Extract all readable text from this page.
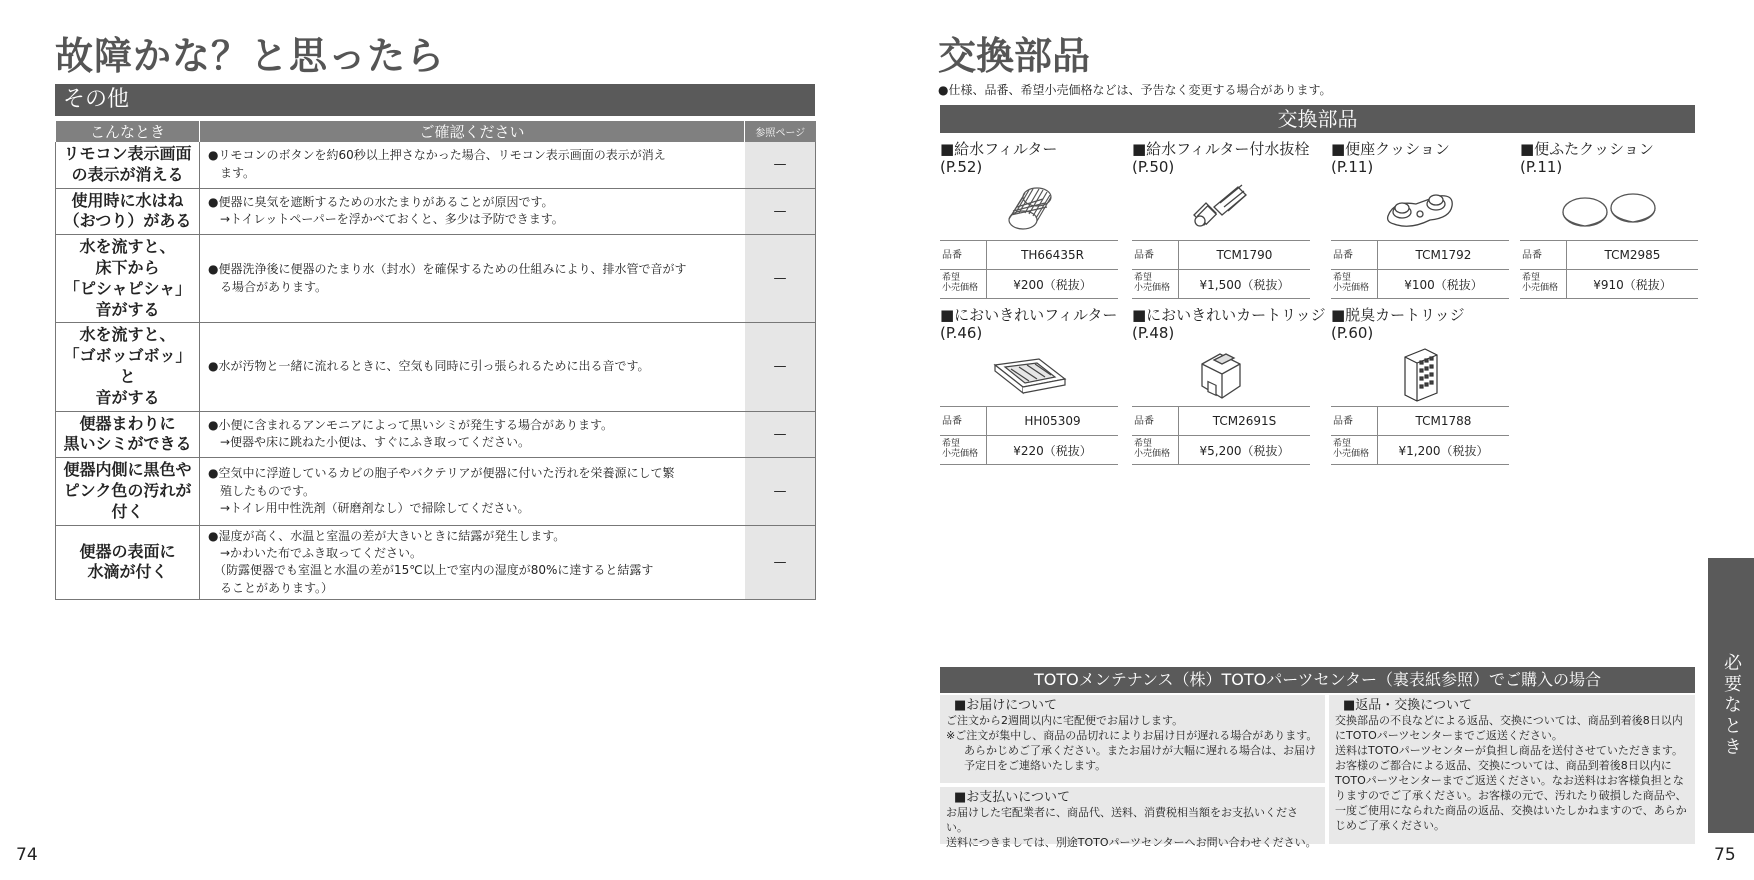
故障かな？と思ったら
その他
こんなとき	ご確認ください	参照ページ

リモコン表示画面
の表示が消える	●リモコンのボタンを約60秒以上押さなかった場合、リモコン表示画面の表示が消え
　ます。	—

使用時に水はね
（おつり）がある	●便器に臭気を遮断するための水たまりがあることが原因です。
　→トイレットペーパーを浮かべておくと、多少は予防できます。	—

水を流すと、
床下から
「ピシャピシャ」
音がする	●便器洗浄後に便器のたまり水（封水）を確保するための仕組みにより、排水管で音がす
　る場合があります。	—

水を流すと、
「ゴボッゴボッ」と
音がする	●水が汚物と一緒に流れるときに、空気も同時に引っ張られるために出る音です。	—

便器まわりに
黒いシミができる	●小便に含まれるアンモニアによって黒いシミが発生する場合があります。
　→便器や床に跳ねた小便は、すぐにふき取ってください。	—

便器内側に黒色や
ピンク色の汚れが
付く	●空気中に浮遊しているカビの胞子やバクテリアが便器に付いた汚れを栄養源にして繁
　殖したものです。
　→トイレ用中性洗剤（研磨剤なし）で掃除してください。	—

便器の表面に
水滴が付く	●湿度が高く、水温と室温の差が大きいときに結露が発生します。
　→かわいた布でふき取ってください。
　（防露便器でも室温と水温の差が15℃以上で室内の湿度が80%に達すると結露す
　ることがあります。）	—
74
交換部品
●仕様、品番、希望小売価格などは、予告なく変更する場合があります。
交換部品
■給水フィルター
(P.52)
品番	TH66435R

希望
小売価格	¥200（税抜）
■給水フィルター付水抜栓
(P.50)
品番	TCM1790

希望
小売価格	¥1,500（税抜）
■便座クッション
(P.11)
品番	TCM1792

希望
小売価格	¥100（税抜）
■便ふたクッション
(P.11)
品番	TCM2985

希望
小売価格	¥910（税抜）
■においきれいフィルター
(P.46)
品番	HH05309

希望
小売価格	¥220（税抜）
■においきれいカートリッジ
(P.48)
品番	TCM2691S

希望
小売価格	¥5,200（税抜）
■脱臭カートリッジ
(P.60)
品番	TCM1788

希望
小売価格	¥1,200（税抜）
TOTOメンテナンス（株）TOTOパーツセンター（裏表紙参照）でご購入の場合
■お届けについて
ご注文から2週間以内に宅配便でお届けします。
※ご注文が集中し、商品の品切れによりお届け日が遅れる場合があります。
あらかじめご了承ください。またお届けが大幅に遅れる場合は、お届け
予定日をご連絡いたします。
■お支払いについて
お届けした宅配業者に、商品代、送料、消費税相当額をお支払いください。
送料につきましては、別途TOTOパーツセンターへお問い合わせください。
■返品・交換について
交換部品の不良などによる返品、交換については、商品到着後8日以内
にTOTOパーツセンターまでご返送ください。
送料はTOTOパーツセンターが負担し商品を送付させていただきます。
お客様のご都合による返品、交換については、商品到着後8日以内に
TOTOパーツセンターまでご返送ください。なお送料はお客様負担とな
りますのでご了承ください。お客様の元で、汚れたり破損した商品や、
一度ご使用になられた商品の返品、交換はいたしかねますので、あらか
じめご了承ください。
必要なとき
75
